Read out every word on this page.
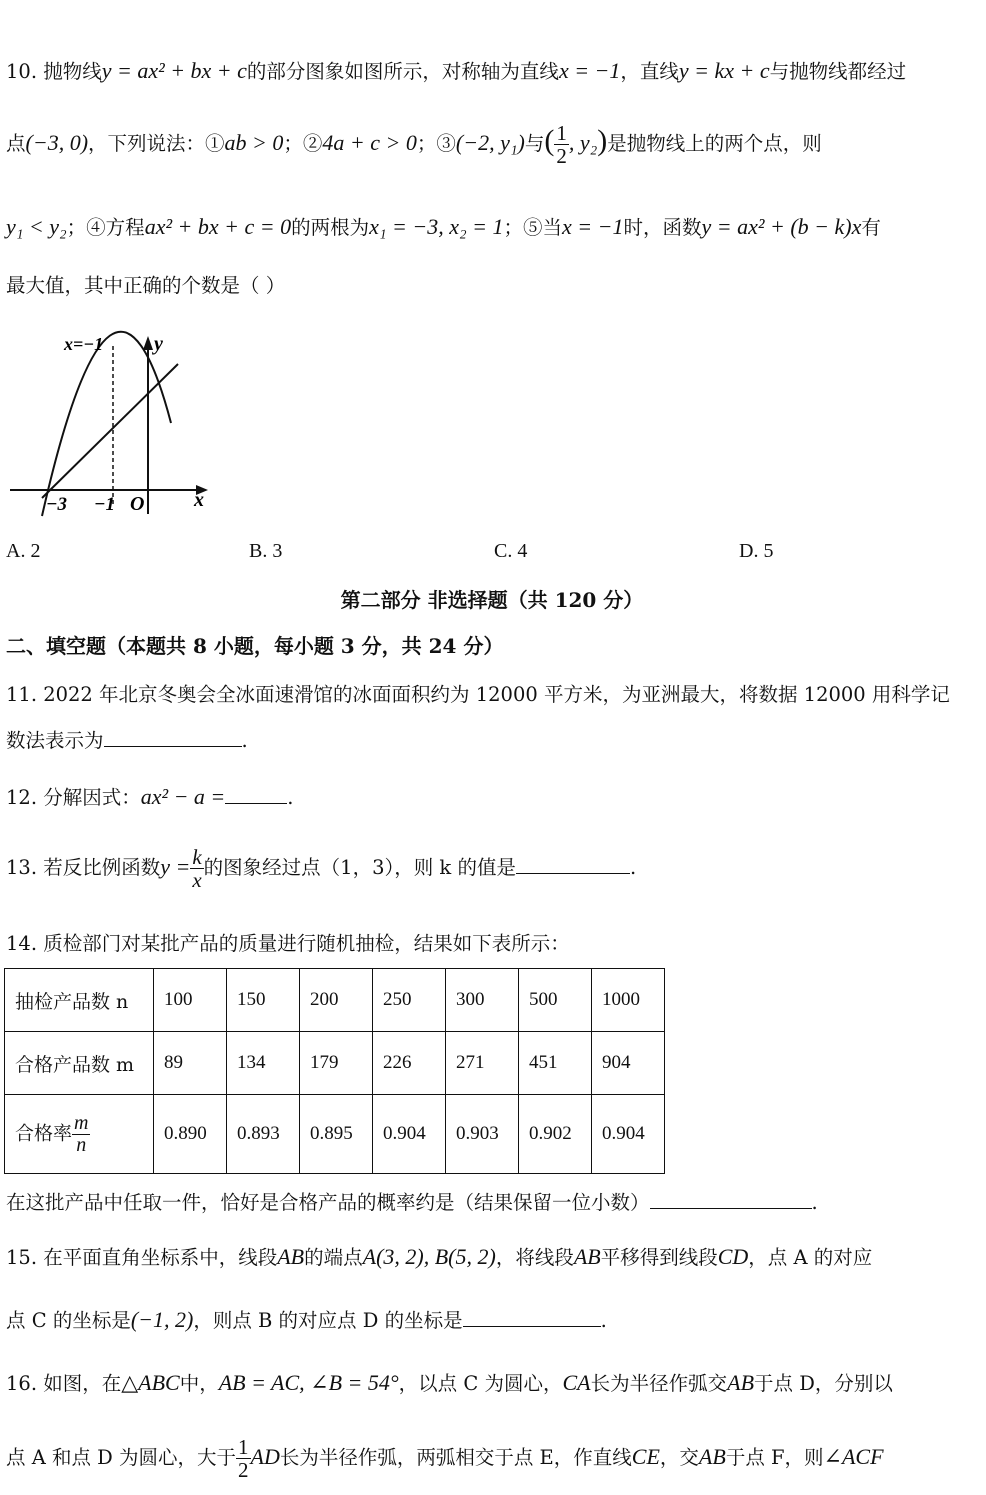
10. 抛物线y = ax² + bx + c的部分图象如图所示，对称轴为直线x = −1，直线y = kx + c与抛物线都经过
点(−3, 0)，下列说法：①ab > 0；②4a + c > 0；③(−2, y₁)与( $\frac{1}{2}$ , y₂)是抛物线上的两个点，则
y₁ < y₂；④方程ax² + bx + c = 0的两根为x₁ = −3, x₂ = 1；⑤当x = −1时，函数y = ax² + (b − k)x有
最大值，其中正确的个数是（ ）
x=−1	y
x
−3 −1 O
A. 2	B. 3	C. 4	D. 5
第二部分 非选择题（共 120 分）
二、填空题（本题共 8 小题，每小题 3 分，共 24 分）
11. 2022 年北京冬奥会全冰面速滑馆的冰面面积约为 12000 平方米，为亚洲最大，将数据 12000 用科学记
数法表示为	.
12. 分解因式：ax² − a =	.
13. 若反比例函数$y = \frac{k}{x}$ 的图象经过点（1，3），则 k 的值是	.
14. 质检部门对某批产品的质量进行随机抽检，结果如下表所示：
抽检产品数 n	100	150	200	250	300	500	1000
合格产品数 m	89	134	179	226	271	451	904
合格率 $\frac{m}{n}$	0.890	0.893	0.895	0.904	0.903	0.902	0.904
在这批产品中任取一件，恰好是合格产品的概率约是（结果保留一位小数）	.
15. 在平面直角坐标系中，线段AB的端点A(3, 2), B(5, 2)，将线段AB平移得到线段CD，点 A 的对应
点 C 的坐标是(−1, 2)，则点 B 的对应点 D 的坐标是	.
16. 如图，在△ABC中，AB = AC, ∠B = 54°，以点 C 为圆心，CA长为半径作弧交AB于点 D，分别以
点 A 和点 D 为圆心，大于 $\frac{1}{2}$ AD长为半径作弧，两弧相交于点 E，作直线CE，交AB于点 F，则∠ACF
